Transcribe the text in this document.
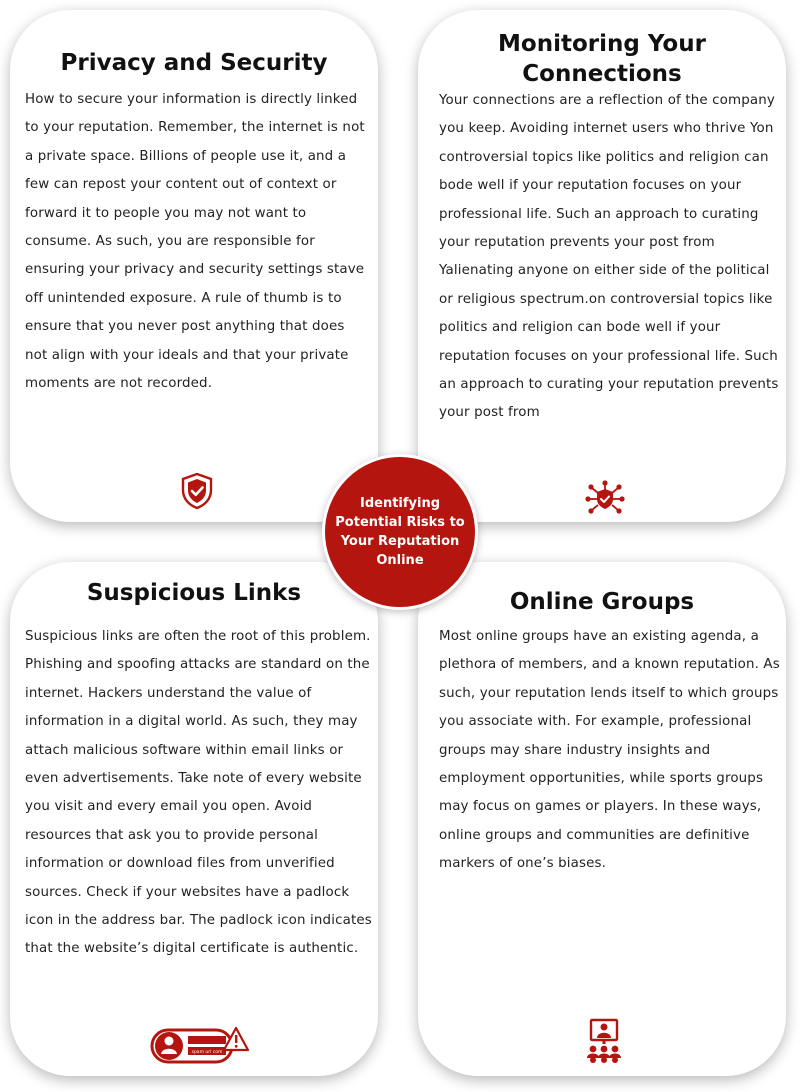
Privacy and Security
How to secure your information is directly linked to your reputation. Remember, the internet is not a private space. Billions of people use it, and a few can repost your content out of context or forward it to people you may not want to consume. As such, you are responsible for ensuring your privacy and security settings stave off unintended exposure. A rule of thumb is to ensure that you never post anything that does not align with your ideals and that your private moments are not recorded.
Monitoring Your Connections
Your connections are a reflection of the company you keep. Avoiding internet users who thrive Yon controversial topics like politics and religion can bode well if your reputation focuses on your professional life. Such an approach to curating your reputation prevents your post from Yalienating anyone on either side of the political or religious spectrum.on controversial topics like politics and religion can bode well if your reputation focuses on your professional life. Such an approach to curating your reputation prevents your post from
Suspicious Links
Suspicious links are often the root of this problem. Phishing and spoofing attacks are standard on the internet. Hackers understand the value of information in a digital world. As such, they may attach malicious software within email links or even advertisements. Take note of every website you visit and every email you open. Avoid resources that ask you to provide personal information or download files from unverified sources. Check if your websites have a padlock icon in the address bar. The padlock icon indicates that the website’s digital certificate is authentic.
spam url com
Online Groups
Most online groups have an existing agenda, a plethora of members, and a known reputation. As such, your reputation lends itself to which groups you associate with. For example, professional groups may share industry insights and employment opportunities, while sports groups may focus on games or players. In these ways, online groups and communities are definitive markers of one’s biases.
Identifying Potential Risks to Your Reputation Online
